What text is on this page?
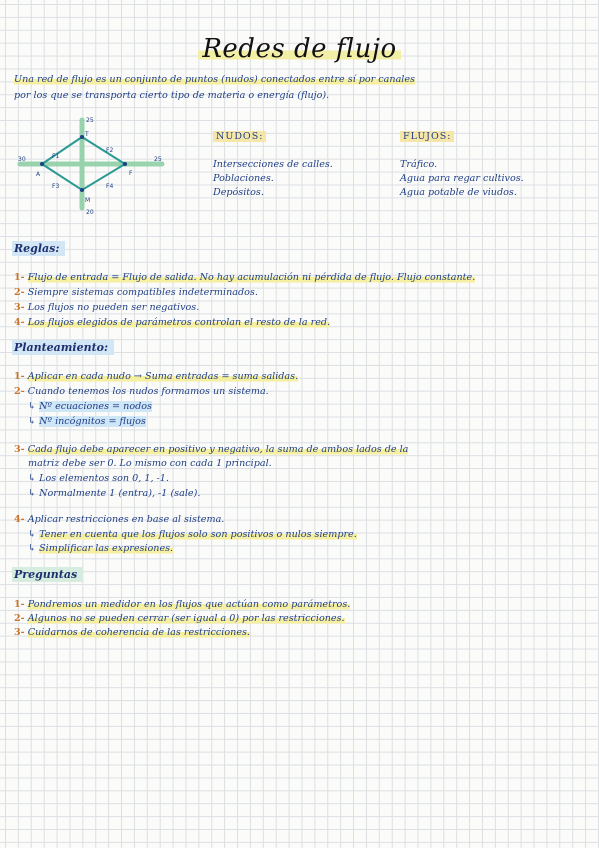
Redes de flujo
Una red de flujo es un conjunto de puntos (nudos) conectados entre sí por canales
por los que se transporta cierto tipo de materia o energía (flujo).
T
A	F
M
F1
F2
F3	F4
25
30	25
20
NUDOS:
Intersecciones de calles.
Poblaciones.
Depósitos.
FLUJOS:
Tráfico.
Agua para regar cultivos.
Agua potable de viudos.
Reglas:
1- Flujo de entrada = Flujo de salida. No hay acumulación ni pérdida de flujo. Flujo constante.
2- Siempre sistemas compatibles indeterminados.
3- Los flujos no pueden ser negativos.
4- Los flujos elegidos de parámetros controlan el resto de la red.
Planteamiento:
1- Aplicar en cada nudo → Suma entradas = suma salidas.
2- Cuando tenemos los nudos formamos un sistema.
↳ Nº ecuaciones = nodos
↳ Nº incógnitos = flujos
3- Cada flujo debe aparecer en positivo y negativo, la suma de ambos lados de la
matriz debe ser 0. Lo mismo con cada 1 principal.
↳ Los elementos son 0, 1, -1.
↳ Normalmente 1 (entra), -1 (sale).
4- Aplicar restricciones en base al sistema.
↳ Tener en cuenta que los flujos solo son positivos o nulos siempre.
↳ Simplificar las expresiones.
Preguntas
1- Pondremos un medidor en los flujos que actúan como parámetros.
2- Algunos no se pueden cerrar (ser igual a 0) por las restricciones.
3- Cuidarnos de coherencia de las restricciones.
